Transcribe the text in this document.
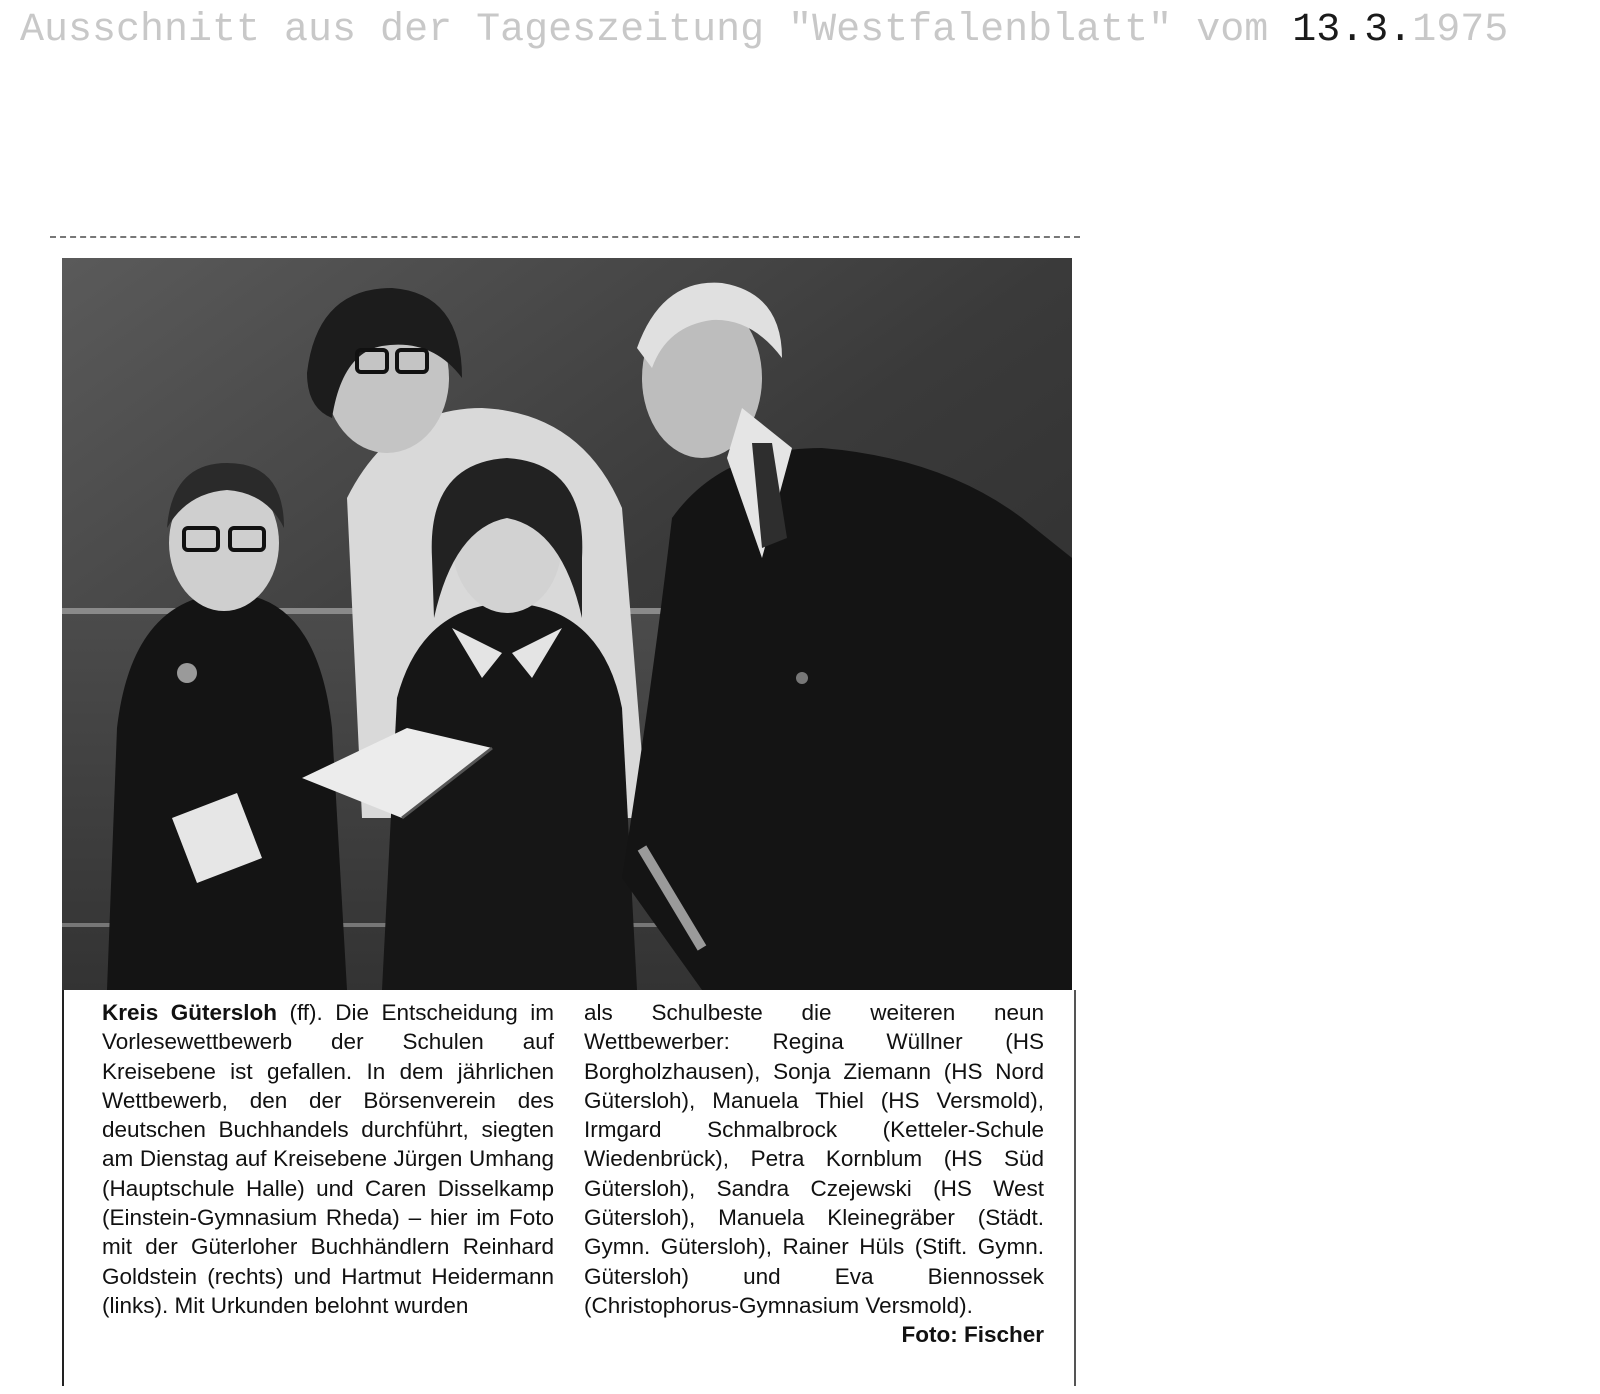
Ausschnitt aus der Tageszeitung "Westfalenblatt" vom 13.3.1975

Kreis Gütersloh (ff). Die Entscheidung im Vorlesewettbewerb der Schulen auf Kreisebene ist gefallen. In dem jährlichen Wettbewerb, den der Börsenverein des deutschen Buchhandels durchführt, siegten am Dienstag auf Kreisebene Jürgen Umhang (Hauptschule Halle) und Caren Disselkamp (Einstein-Gymnasium Rheda) – hier im Foto mit der Güterloher Buchhändlern Reinhard Goldstein (rechts) und Hartmut Heidermann (links). Mit Urkunden belohnt wurden

als Schulbeste die weiteren neun Wettbewerber: Regina Wüllner (HS Borgholzhausen), Sonja Ziemann (HS Nord Gütersloh), Manuela Thiel (HS Versmold), Irmgard Schmalbrock (Ketteler-Schule Wiedenbrück), Petra Kornblum (HS Süd Gütersloh), Sandra Czejewski (HS West Gütersloh), Manuela Kleinegräber (Städt. Gymn. Gütersloh), Rainer Hüls (Stift. Gymn. Gütersloh) und Eva Biennossek (Christophorus-Gymnasium Versmold).

Foto: Fischer
